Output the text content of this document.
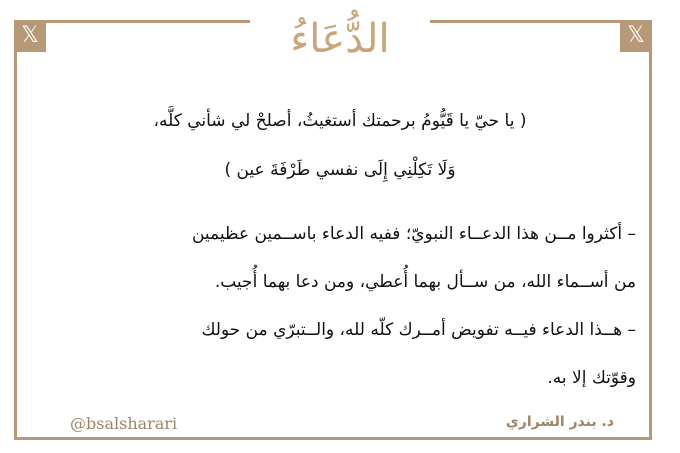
𝕏	𝕏
الدُّعَاءُ
( يا حيّ يا قَيُّومُ برحمتك أستغيثُ، أصلحْ لي شأني كلَّه،
وَلَا تَكِلْنِي إِلَى نفسي طَرْفَةَ عين )
– أكثروا مــن هذا الدعــاء النبويّ؛ ففيه الدعاء باســمين عظيمين
من أســماء الله، من ســأل بهما أُعطي، ومن دعا بهما أُجيب.
– هــذا الدعاء فيــه تفويض أمــرك كلّه لله، والــتبرّي من حولك
وقوّتك إلا به.
@bsalsharari	د. بندر الشراري
